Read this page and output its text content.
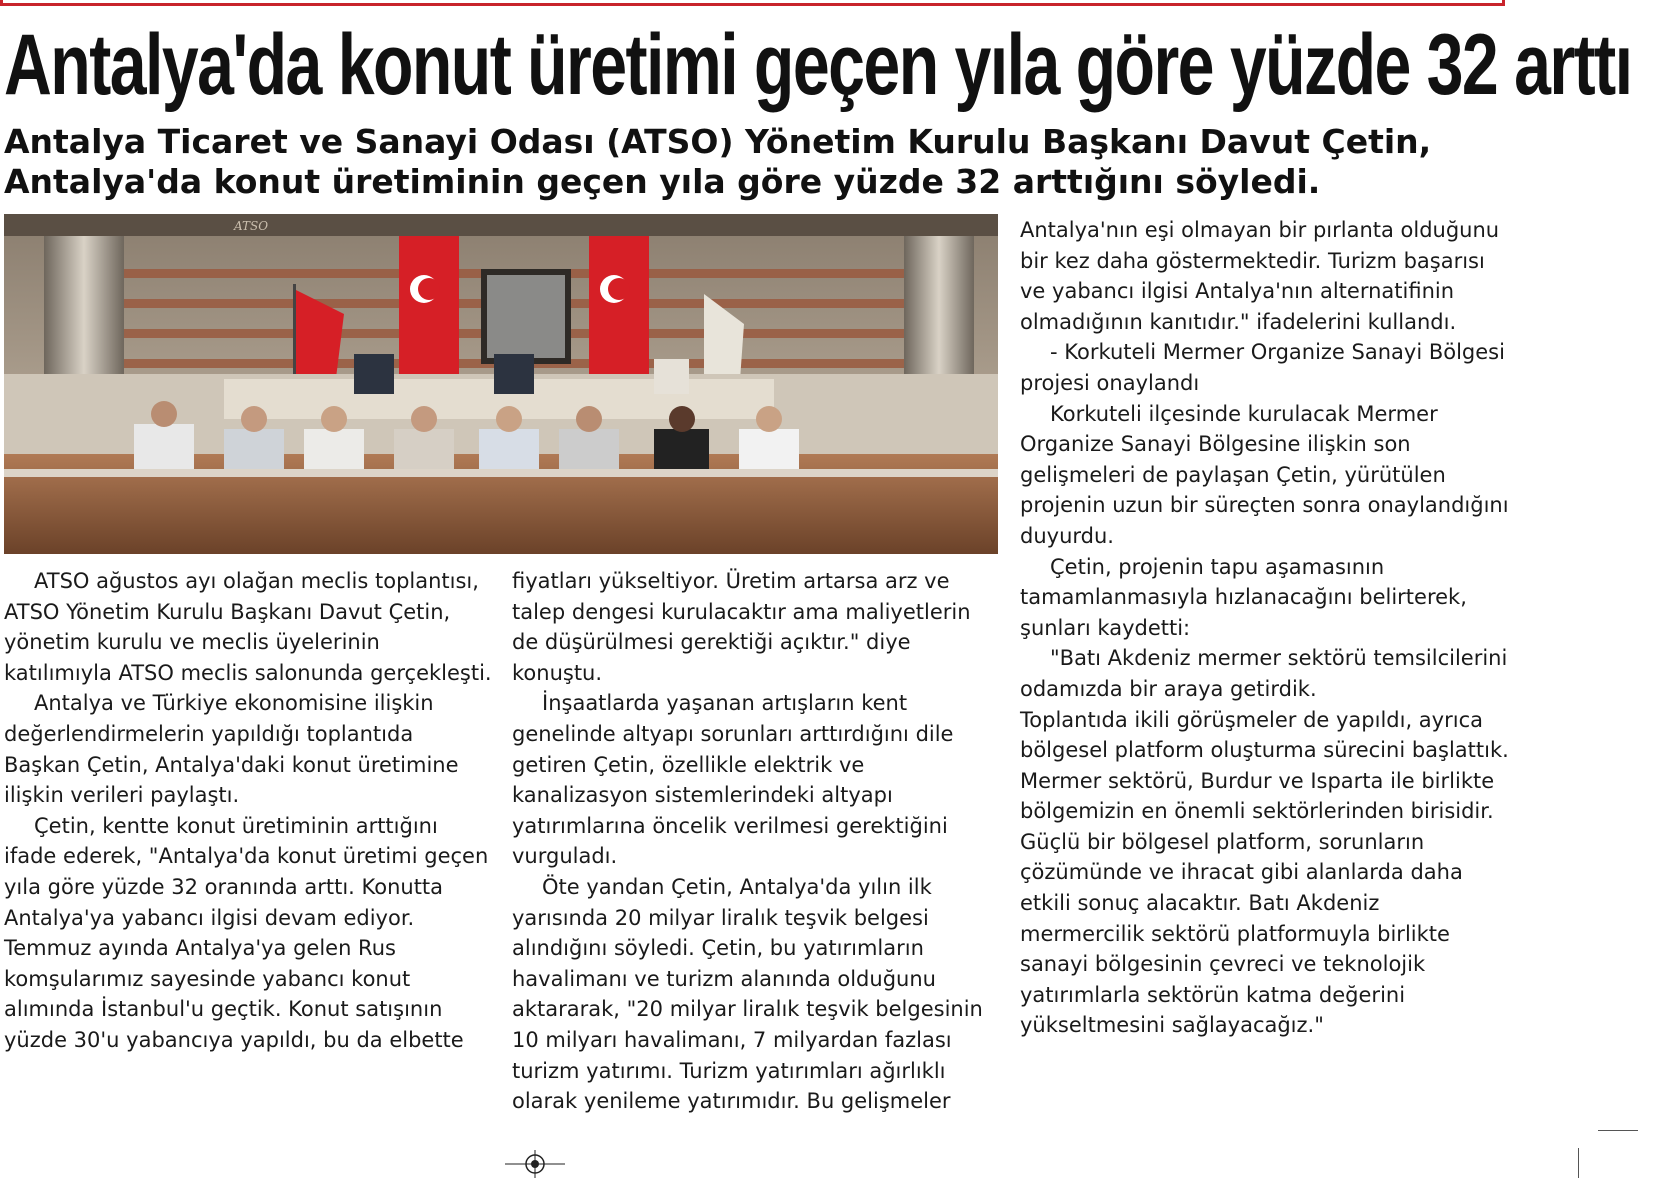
Antalya'da konut üretimi geçen yıla göre yüzde 32 arttı
Antalya Ticaret ve Sanayi Odası (ATSO) Yönetim Kurulu Başkanı Davut Çetin, Antalya'da konut üretiminin geçen yıla göre yüzde 32 arttığını söyledi.
ATSO

ATSO ağustos ayı olağan meclis toplantısı, ATSO Yönetim Kurulu Başkanı Davut Çetin, yönetim kurulu ve meclis üyelerinin katılımıyla ATSO meclis salonunda gerçekleşti.

Antalya ve Türkiye ekonomisine ilişkin değerlendirmelerin yapıldığı toplantıda Başkan Çetin, Antalya'daki konut üretimine ilişkin verileri paylaştı.

Çetin, kentte konut üretiminin arttığını ifade ederek, "Antalya'da konut üretimi geçen yıla göre yüzde 32 oranında arttı. Konutta Antalya'ya yabancı ilgisi devam ediyor. Temmuz ayında Antalya'ya gelen Rus komşularımız sayesinde yabancı konut alımında İstanbul'u geçtik. Konut satışının yüzde 30'u yabancıya yapıldı, bu da elbette

fiyatları yükseltiyor. Üretim artarsa arz ve talep dengesi kurulacaktır ama maliyetlerin de düşürülmesi gerektiği açıktır." diye konuştu.

İnşaatlarda yaşanan artışların kent genelinde altyapı sorunları arttırdığını dile getiren Çetin, özellikle elektrik ve kanalizasyon sistemlerindeki altyapı yatırımlarına öncelik verilmesi gerektiğini vurguladı.

Öte yandan Çetin, Antalya'da yılın ilk yarısında 20 milyar liralık teşvik belgesi alındığını söyledi. Çetin, bu yatırımların havalimanı ve turizm alanında olduğunu aktararak, "20 milyar liralık teşvik belgesinin 10 milyarı havalimanı, 7 milyardan fazlası turizm yatırımı. Turizm yatırımları ağırlıklı olarak yenileme yatırımıdır. Bu gelişmeler

Antalya'nın eşi olmayan bir pırlanta olduğunu bir kez daha göstermektedir. Turizm başarısı ve yabancı ilgisi Antalya'nın alternatifinin olmadığının kanıtıdır." ifadelerini kullandı.

- Korkuteli Mermer Organize Sanayi Bölgesi projesi onaylandı

Korkuteli ilçesinde kurulacak Mermer Organize Sanayi Bölgesine ilişkin son gelişmeleri de paylaşan Çetin, yürütülen projenin uzun bir süreçten sonra onaylandığını duyurdu.

Çetin, projenin tapu aşamasının tamamlanmasıyla hızlanacağını belirterek, şunları kaydetti:

"Batı Akdeniz mermer sektörü temsilcilerini odamızda bir araya getirdik.

Toplantıda ikili görüşmeler de yapıldı, ayrıca bölgesel platform oluşturma sürecini başlattık. Mermer sektörü, Burdur ve Isparta ile birlikte bölgemizin en önemli sektörlerinden birisidir. Güçlü bir bölgesel platform, sorunların çözümünde ve ihracat gibi alanlarda daha etkili sonuç alacaktır. Batı Akdeniz mermercilik sektörü platformuyla birlikte sanayi bölgesinin çevreci ve teknolojik yatırımlarla sektörün katma değerini yükseltmesini sağlayacağız."
